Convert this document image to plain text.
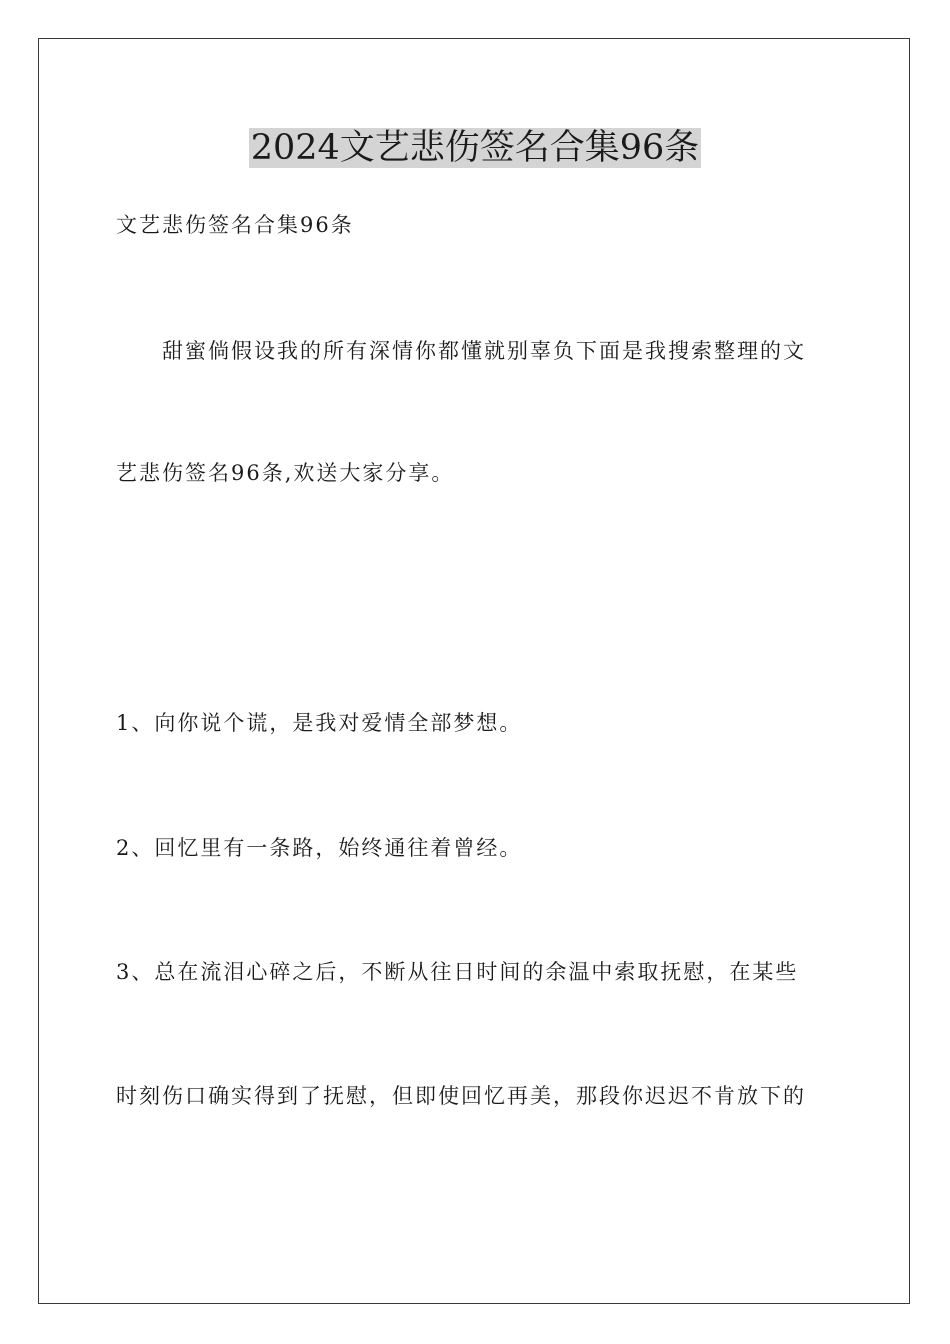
2024文艺悲伤签名合集96条
文艺悲伤签名合集96条
甜蜜倘假设我的所有深情你都懂就别辜负下面是我搜索整理的文
艺悲伤签名96条,欢送大家分享。
1、向你说个谎，是我对爱情全部梦想。
2、回忆里有一条路，始终通往着曾经。
3、总在流泪心碎之后，不断从往日时间的余温中索取抚慰，在某些
时刻伤口确实得到了抚慰，但即使回忆再美，那段你迟迟不肯放下的
